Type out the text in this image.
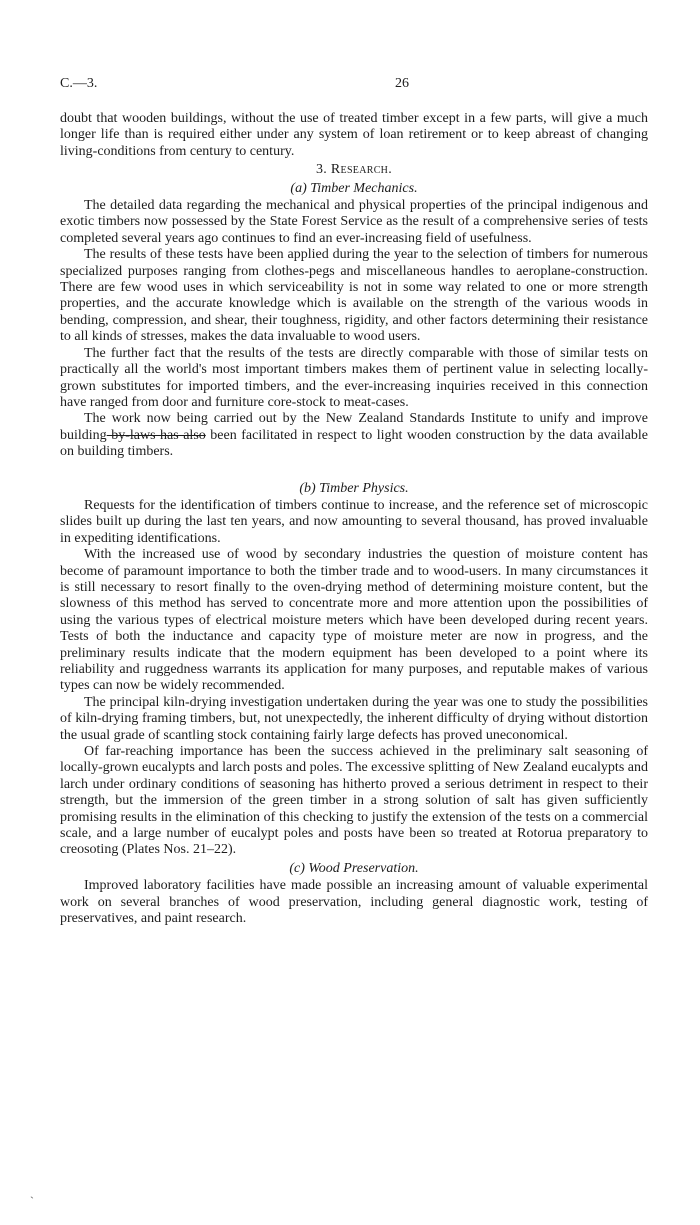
C.—3.	26

doubt that wooden buildings, without the use of treated timber except in a few parts, will give a much longer life than is required either under any system of loan retirement or to keep abreast of changing living-conditions from century to century.

3. Research.
(a) Timber Mechanics.

The detailed data regarding the mechanical and physical properties of the principal indigenous and exotic timbers now possessed by the State Forest Service as the result of a comprehensive series of tests completed several years ago continues to find an ever-increasing field of usefulness.

The results of these tests have been applied during the year to the selection of timbers for numerous specialized purposes ranging from clothes-pegs and miscellaneous handles to aeroplane-construction. There are few wood uses in which serviceability is not in some way related to one or more strength properties, and the accurate knowledge which is available on the strength of the various woods in bending, compression, and shear, their toughness, rigidity, and other factors determining their resistance to all kinds of stresses, makes the data invaluable to wood users.

The further fact that the results of the tests are directly comparable with those of similar tests on practically all the world's most important timbers makes them of pertinent value in selecting locally-grown substitutes for imported timbers, and the ever-increasing inquiries received in this connection have ranged from door and furniture core-stock to meat-cases.

The work now being carried out by the New Zealand Standards Institute to unify and improve building by-laws has also been facilitated in respect to light wooden construction by the data available on building timbers.

(b) Timber Physics.

Requests for the identification of timbers continue to increase, and the reference set of microscopic slides built up during the last ten years, and now amounting to several thousand, has proved invaluable in expediting identifications.

With the increased use of wood by secondary industries the question of moisture content has become of paramount importance to both the timber trade and to wood-users. In many circumstances it is still necessary to resort finally to the oven-drying method of determining moisture content, but the slowness of this method has served to concentrate more and more attention upon the possibilities of using the various types of electrical moisture meters which have been developed during recent years. Tests of both the inductance and capacity type of moisture meter are now in progress, and the preliminary results indicate that the modern equipment has been developed to a point where its reliability and ruggedness warrants its application for many purposes, and reputable makes of various types can now be widely recommended.

The principal kiln-drying investigation undertaken during the year was one to study the possibilities of kiln-drying framing timbers, but, not unexpectedly, the inherent difficulty of drying without distortion the usual grade of scantling stock containing fairly large defects has proved uneconomical.

Of far-reaching importance has been the success achieved in the preliminary salt seasoning of locally-grown eucalypts and larch posts and poles. The excessive splitting of New Zealand eucalypts and larch under ordinary conditions of seasoning has hitherto proved a serious detriment in respect to their strength, but the immersion of the green timber in a strong solution of salt has given sufficiently promising results in the elimination of this checking to justify the extension of the tests on a commercial scale, and a large number of eucalypt poles and posts have been so treated at Rotorua preparatory to creosoting (Plates Nos. 21–22).

(c) Wood Preservation.

Improved laboratory facilities have made possible an increasing amount of valuable experimental work on several branches of wood preservation, including general diagnostic work, testing of preservatives, and paint research.

`
